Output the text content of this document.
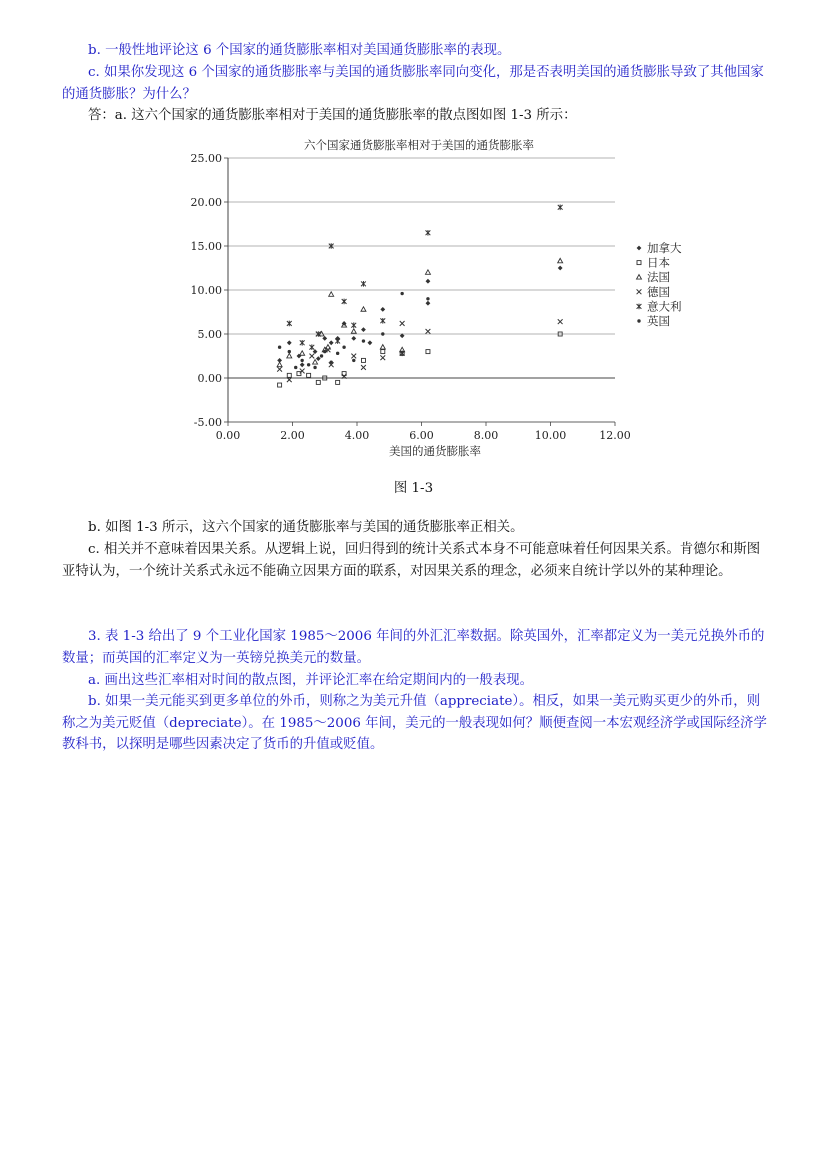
b. 一般性地评论这 6 个国家的通货膨胀率相对美国通货膨胀率的表现。

c. 如果你发现这 6 个国家的通货膨胀率与美国的通货膨胀率同向变化，那是否表明美国的通货膨胀导致了其他国家的通货膨胀？为什么？

答：a. 这六个国家的通货膨胀率相对于美国的通货膨胀率的散点图如图 1-3 所示：

六个国家通货膨胀率相对于美国的通货膨胀率
-5.00
0.00
5.00
10.00
15.00
20.00
25.00
0.00	2.00	4.00	6.00	8.00	10.00	12.00
加拿大
日本
法国
德国
意大利
英国
美国的通货膨胀率
图 1-3

b. 如图 1-3 所示，这六个国家的通货膨胀率与美国的通货膨胀率正相关。

c. 相关并不意味着因果关系。从逻辑上说，回归得到的统计关系式本身不可能意味着任何因果关系。肯德尔和斯图亚特认为，一个统计关系式永远不能确立因果方面的联系，对因果关系的理念，必须来自统计学以外的某种理论。

3. 表 1-3 给出了 9 个工业化国家 1985～2006 年间的外汇汇率数据。除英国外，汇率都定义为一美元兑换外币的数量；而英国的汇率定义为一英镑兑换美元的数量。

a. 画出这些汇率相对时间的散点图，并评论汇率在给定期间内的一般表现。

b. 如果一美元能买到更多单位的外币，则称之为美元升值（appreciate）。相反，如果一美元购买更少的外币，则称之为美元贬值（depreciate）。在 1985～2006 年间，美元的一般表现如何？顺便查阅一本宏观经济学或国际经济学教科书，以探明是哪些因素决定了货币的升值或贬值。
